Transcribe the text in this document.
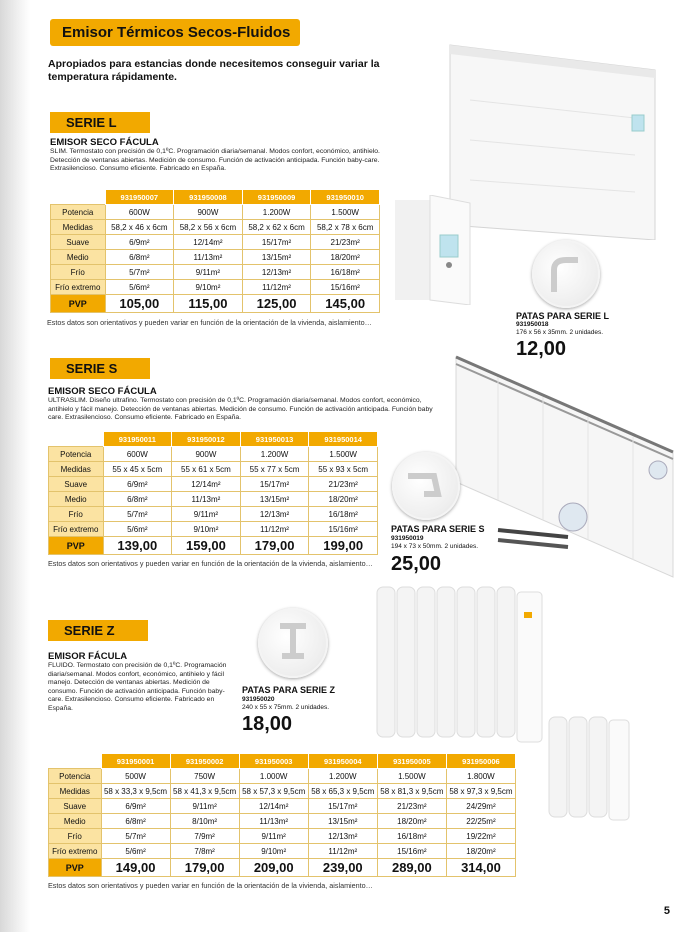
Emisor Térmicos Secos-Fluidos
Apropiados para estancias donde necesitemos conseguir variar la temperatura rápidamente.
SERIE L
EMISOR SECO FÁCULA
SLIM. Termostato con precisión de 0,1ºC. Programación diaria/semanal. Modos confort, económico, antihielo. Detección de ventanas abiertas. Medición de consumo. Función de activación anticipada. Función baby-care. Extrasilencioso. Consumo eficiente. Fabricado en España.
	931950007	931950008	931950009	931950010
Potencia	600W	900W	1.200W	1.500W
Medidas	58,2 x 46 x 6cm	58,2 x 56 x 6cm	58,2 x 62 x 6cm	58,2 x 78 x 6cm
Suave	6/9m²	12/14m²	15/17m²	21/23m²
Medio	6/8m²	11/13m²	13/15m²	18/20m²
Frío	5/7m²	9/11m²	12/13m²	16/18m²
Frío extremo	5/6m²	9/10m²	11/12m²	15/16m²
PVP	105,00	115,00	125,00	145,00
Estos datos son orientativos y pueden variar en función de la orientación de la vivienda, aislamiento…
PATAS PARA SERIE L
931950018
176 x 56 x 35mm. 2 unidades.
12,00
SERIE S
EMISOR SECO FÁCULA
ULTRASLIM. Diseño ultrafino. Termostato con precisión de 0,1ºC. Programación diaria/semanal. Modos confort, económico, antihielo y fácil manejo. Detección de ventanas abiertas. Medición de consumo. Función de activación anticipada. Función baby care. Extrasilencioso. Consumo eficiente. Fabricado en España.
	931950011	931950012	931950013	931950014
Potencia	600W	900W	1.200W	1.500W
Medidas	55 x 45 x 5cm	55 x 61 x 5cm	55 x 77 x 5cm	55 x 93 x 5cm
Suave	6/9m²	12/14m²	15/17m²	21/23m²
Medio	6/8m²	11/13m²	13/15m²	18/20m²
Frío	5/7m²	9/11m²	12/13m²	16/18m²
Frío extremo	5/6m²	9/10m²	11/12m²	15/16m²
PVP	139,00	159,00	179,00	199,00
Estos datos son orientativos y pueden variar en función de la orientación de la vivienda, aislamiento…
PATAS PARA SERIE S
931950019
194 x 73 x 50mm. 2 unidades.
25,00
SERIE Z
EMISOR FÁCULA
FLUIDO. Termostato con precisión de 0,1ºC. Programación diaria/semanal. Modos confort, económico, antihielo y fácil manejo. Detección de ventanas abiertas. Medición de consumo. Función de activación anticipada. Función baby-care. Extrasilencioso. Consumo eficiente. Fabricado en España.
PATAS PARA SERIE Z
931950020
240 x 55 x 75mm. 2 unidades.
18,00
	931950001	931950002	931950003	931950004	931950005	931950006
Potencia	500W	750W	1.000W	1.200W	1.500W	1.800W
Medidas	58 x 33,3 x 9,5cm	58 x 41,3 x 9,5cm	58 x 57,3 x 9,5cm	58 x 65,3 x 9,5cm	58 x 81,3 x 9,5cm	58 x 97,3 x 9,5cm
Suave	6/9m²	9/11m²	12/14m²	15/17m²	21/23m²	24/29m²
Medio	6/8m²	8/10m²	11/13m²	13/15m²	18/20m²	22/25m²
Frío	5/7m²	7/9m²	9/11m²	12/13m²	16/18m²	19/22m²
Frío extremo	5/6m²	7/8m²	9/10m²	11/12m²	15/16m²	18/20m²
PVP	149,00	179,00	209,00	239,00	289,00	314,00
Estos datos son orientativos y pueden variar en función de la orientación de la vivienda, aislamiento…
5
